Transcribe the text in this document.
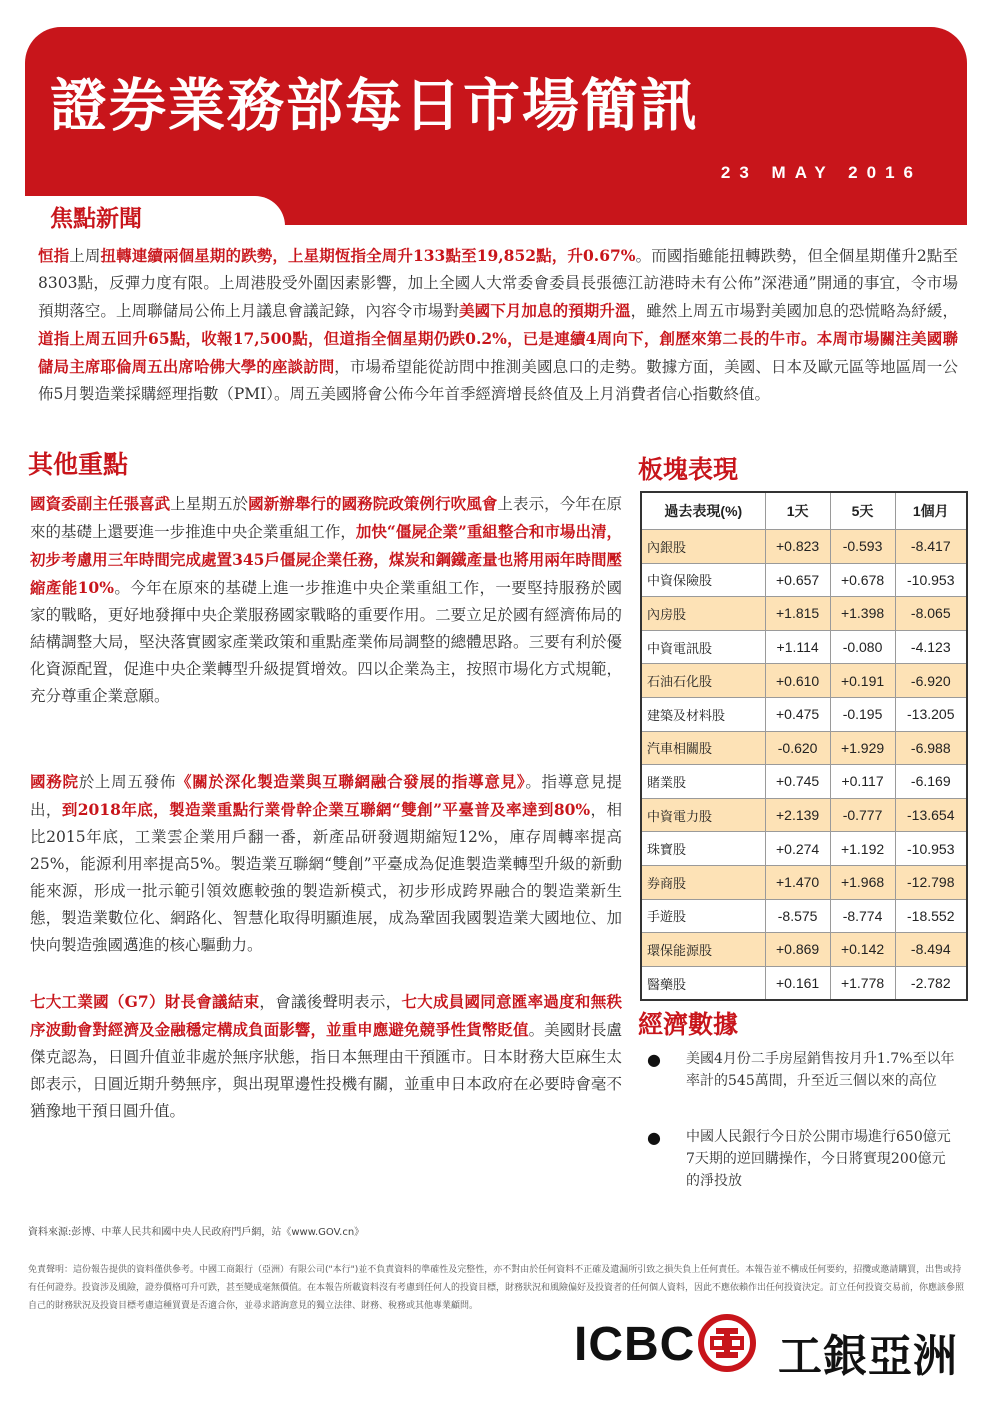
證券業務部每日市場簡訊
23 MAY 2016
焦點新聞
恒指上周扭轉連續兩個星期的跌勢，上星期恆指全周升133點至19,852點，升0.67%。而國指雖能扭轉跌勢，但全個星期僅升2點至8303點，反彈力度有限。上周港股受外圍因素影響，加上全國人大常委會委員長張德江訪港時未有公佈”深港通”開通的事宜，令市場預期落空。上周聯儲局公佈上月議息會議記錄，內容令市場對美國下月加息的預期升溫，雖然上周五市場對美國加息的恐慌略為紓緩，道指上周五回升65點，收報17,500點，但道指全個星期仍跌0.2%，已是連續4周向下，創歷來第二長的牛市。本周市場關注美國聯儲局主席耶倫周五出席哈佛大學的座談訪問，市場希望能從訪問中推測美國息口的走勢。數據方面，美國、日本及歐元區等地區周一公佈5月製造業採購經理指數（PMI）。周五美國將會公佈今年首季經濟增長終值及上月消費者信心指數終值。
其他重點
國資委副主任張喜武上星期五於國新辦舉行的國務院政策例行吹風會上表示，今年在原來的基礎上還要進一步推進中央企業重組工作，加快“僵屍企業”重組整合和市場出清，初步考慮用三年時間完成處置345戶僵屍企業任務，煤炭和鋼鐵產量也將用兩年時間壓縮產能10%。今年在原來的基礎上進一步推進中央企業重組工作，一要堅持服務於國家的戰略，更好地發揮中央企業服務國家戰略的重要作用。二要立足於國有經濟佈局的結構調整大局，堅決落實國家產業政策和重點產業佈局調整的總體思路。三要有利於優化資源配置，促進中央企業轉型升級提質增效。四以企業為主，按照市場化方式規範，充分尊重企業意願。
國務院於上周五發佈《關於深化製造業與互聯網融合發展的指導意見》。指導意見提出，到2018年底，製造業重點行業骨幹企業互聯網“雙創”平臺普及率達到80%，相比2015年底，工業雲企業用戶翻一番，新產品研發週期縮短12%，庫存周轉率提高25%，能源利用率提高5%。製造業互聯網“雙創”平臺成為促進製造業轉型升級的新動能來源，形成一批示範引領效應較強的製造新模式，初步形成跨界融合的製造業新生態，製造業數位化、網路化、智慧化取得明顯進展，成為鞏固我國製造業大國地位、加快向製造強國邁進的核心驅動力。
七大工業國（G7）財長會議結束，會議後聲明表示，七大成員國同意匯率過度和無秩序波動會對經濟及金融穩定構成負面影響，並重申應避免競爭性貨幣貶值。美國財長盧傑克認為，日圓升值並非處於無序狀態，指日本無理由干預匯市。日本財務大臣麻生太郎表示，日圓近期升勢無序，與出現單邊性投機有關，並重申日本政府在必要時會毫不猶豫地干預日圓升值。
板塊表現
過去表現(%)	1天	5天	1個月
內銀股	+0.823	-0.593	-8.417
中資保險股	+0.657	+0.678	-10.953
內房股	+1.815	+1.398	-8.065
中資電訊股	+1.114	-0.080	-4.123
石油石化股	+0.610	+0.191	-6.920
建築及材料股	+0.475	-0.195	-13.205
汽車相關股	-0.620	+1.929	-6.988
賭業股	+0.745	+0.117	-6.169
中資電力股	+2.139	-0.777	-13.654
珠寶股	+0.274	+1.192	-10.953
券商股	+1.470	+1.968	-12.798
手遊股	-8.575	-8.774	-18.552
環保能源股	+0.869	+0.142	-8.494
醫藥股	+0.161	+1.778	-2.782
經濟數據
● 美國4月份二手房屋銷售按月升1.7%至以年率計的545萬間，升至近三個以來的高位
● 中國人民銀行今日於公開市場進行650億元7天期的逆回購操作，今日將實現200億元的淨投放
資料來源:彭博、中華人民共和國中央人民政府門戶網，站《www.GOV.cn》
免責聲明：這份報告提供的資料僅供參考。中國工商銀行（亞洲）有限公司("本行")並不負責資料的準確性及完整性，亦不對由於任何資料不正確及遺漏所引致之損失負上任何責任。本報告並不構成任何要約，招攬或邀請購買，出售或持有任何證券。投資涉及風險，證券價格可升可跌，甚至變成毫無價值。在本報告所載資料沒有考慮到任何人的投資目標，財務狀況和風險偏好及投資者的任何個人資料，因此不應依賴作出任何投資決定。訂立任何投資交易前，你應該參照自己的財務狀況及投資目標考慮這種買賣是否適合你，並尋求諮詢意見的獨立法律、財務、稅務或其他專業顧問。
ICBC 工銀亞洲
